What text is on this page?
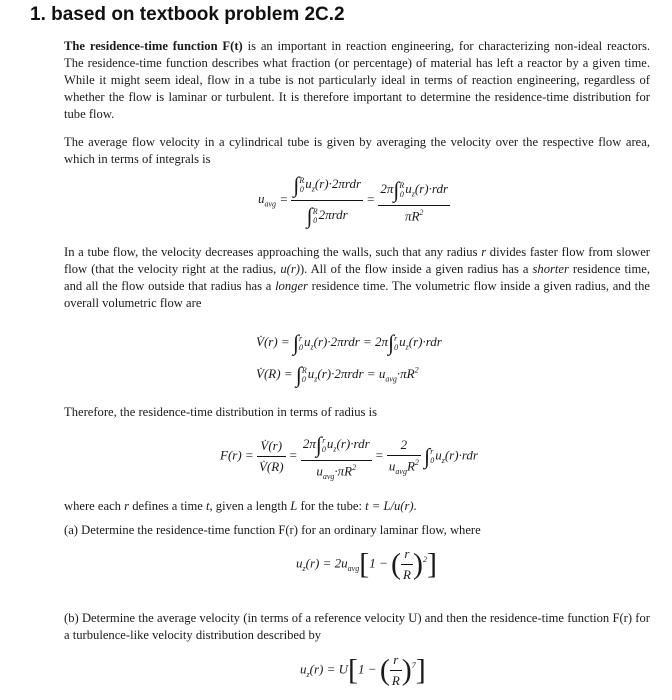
1. based on textbook problem 2C.2

The residence-time function F(t) is an important in reaction engineering, for characterizing non-ideal reactors. The residence-time function describes what fraction (or percentage) of material has left a reactor by a given time. While it might seem ideal, flow in a tube is not particularly ideal in terms of reaction engineering, regardless of whether the flow is laminar or turbulent. It is therefore important to determine the residence-time distribution for tube flow.

The average flow velocity in a cylindrical tube is given by averaging the velocity over the respective flow area, which in terms of integrals is

$u_{avg}$ = ∫ R
0 $u_z(r)\cdot 2\pi rdr$
∫ R
0 2πrdr = 2π∫ R
0 $u_z(r)\cdot rdr$
$\pi R^2$

In a tube flow, the velocity decreases approaching the walls, such that any radius r divides faster flow from slower flow (that the velocity right at the radius, u(r)). All of the flow inside a given radius has a shorter residence time, and all the flow outside that radius has a longer residence time. The volumetric flow inside a given radius, and the overall volumetric flow are

V̇(r) = ∫ r
0 $u_z(r)\cdot 2\pi rdr = 2\pi\int$ r
0 $u_z(r)\cdot rdr$
V̇(R) = ∫ R
0 $u_z(r)\cdot 2\pi rdr = u_{avg}\cdot\pi R^2$

Therefore, the residence-time distribution in terms of radius is

$F(r) = \frac{V̇(r)}{V̇(R)} = 2\pi\int$ r
0 $u_z(r)\cdot rdr$
$u_{avg}\cdot\pi R^2 = \frac{2}{u_{avg}R^2}$ ∫ r
0 $u_z(r)\cdot rdr$

where each r defines a time t, given a length L for the tube: t = L/u(r).

(a) Determine the residence-time function F(r) for an ordinary laminar flow, where

$u_z(r) = 2u_{avg}[1$ − ( $\frac{r}{R} )^2$]

(b) Determine the average velocity (in terms of a reference velocity U) and then the residence-time function F(r) for a turbulence-like velocity distribution described by

$u_z(r) = U[1$ − ( $\frac{r}{R} )^7$]
